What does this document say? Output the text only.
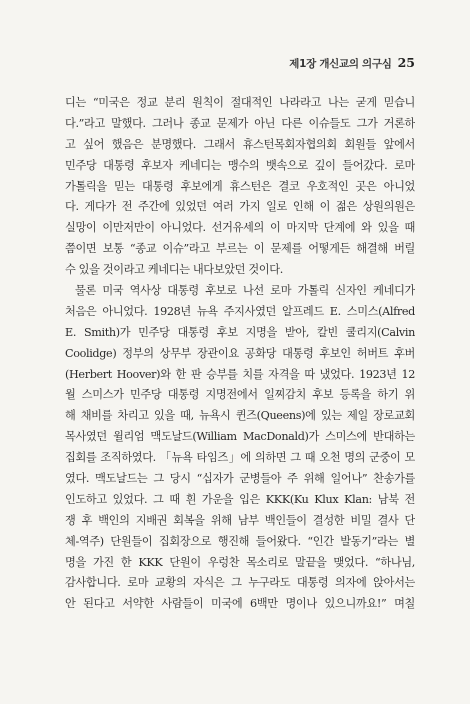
제1장 개신교의 의구심 25
디는 “미국은 정교 분리 원칙이 절대적인 나라라고 나는 굳게 믿습니
다.”라고 말했다. 그러나 종교 문제가 아닌 다른 이슈들도 그가 거론하
고 싶어 했음은 분명했다. 그래서 휴스턴목회자협의회 회원들 앞에서
민주당 대통령 후보자 케네디는 맹수의 뱃속으로 깊이 들어갔다. 로마
가톨릭을 믿는 대통령 후보에게 휴스턴은 결코 우호적인 곳은 아니었
다. 게다가 전 주간에 있었던 여러 가지 일로 인해 이 젊은 상원의원은
실망이 이만저만이 아니었다. 선거유세의 이 마지막 단계에 와 있을 때
쯤이면 보통 “종교 이슈”라고 부르는 이 문제를 어떻게든 해결해 버릴
수 있을 것이라고 케네디는 내다보았던 것이다.
물론 미국 역사상 대통령 후보로 나선 로마 가톨릭 신자인 케네디가
처음은 아니었다. 1928년 뉴욕 주지사였던 알프레드 E. 스미스(Alfred
E. Smith)가 민주당 대통령 후보 지명을 받아, 칼빈 쿨리지(Calvin
Coolidge) 정부의 상무부 장관이요 공화당 대통령 후보인 허버트 후버
(Herbert Hoover)와 한 판 승부를 치를 자격을 따 냈었다. 1923년 12
월 스미스가 민주당 대통령 지명전에서 일찌감치 후보 등록을 하기 위
해 채비를 차리고 있을 때, 뉴욕시 퀸즈(Queens)에 있는 제일 장로교회
목사였던 윌리엄 맥도날드(William MacDonald)가 스미스에 반대하는
집회를 조직하였다. 「뉴욕 타임즈」에 의하면 그 때 오천 명의 군중이 모
였다. 맥도날드는 그 당시 “십자가 군병들아 주 위해 일어나” 찬송가를
인도하고 있었다. 그 때 흰 가운을 입은 KKK(Ku Klux Klan: 남북 전
쟁 후 백인의 지배권 회복을 위해 남부 백인들이 결성한 비밀 결사 단
체-역주) 단원들이 집회장으로 행진해 들어왔다. “인간 발동기”라는 별
명을 가진 한 KKK 단원이 우렁찬 목소리로 말끝을 맺었다. “하나님,
감사합니다. 로마 교황의 자식은 그 누구라도 대통령 의자에 앉아서는
안 된다고 서약한 사람들이 미국에 6백만 명이나 있으니까요!” 며칠
